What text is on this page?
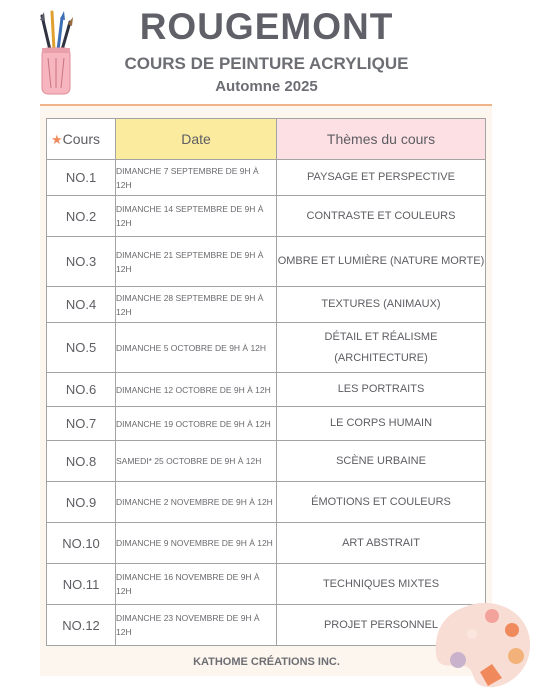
ROUGEMONT
COURS DE PEINTURE ACRYLIQUE
Automne 2025
★Cours	Date	Thèmes du cours
NO.1	DIMANCHE 7 SEPTEMBRE DE 9H À 12H	PAYSAGE ET PERSPECTIVE
NO.2	DIMANCHE 14 SEPTEMBRE DE 9H À 12H	CONTRASTE ET COULEURS
NO.3	DIMANCHE 21 SEPTEMBRE DE 9H À 12H	OMBRE ET LUMIÈRE (NATURE MORTE)
NO.4	DIMANCHE 28 SEPTEMBRE DE 9H À 12H	TEXTURES (ANIMAUX)
NO.5	DIMANCHE 5 OCTOBRE DE 9H À 12H	DÉTAIL ET RÉALISME (ARCHITECTURE)
NO.6	DIMANCHE 12 OCTOBRE DE 9H À 12H	LES PORTRAITS
NO.7	DIMANCHE 19 OCTOBRE DE 9H À 12H	LE CORPS HUMAIN
NO.8	SAMEDI* 25 OCTOBRE DE 9H À 12H	SCÈNE URBAINE
NO.9	DIMANCHE 2 NOVEMBRE DE 9H À 12H	ÉMOTIONS ET COULEURS
NO.10	DIMANCHE 9 NOVEMBRE DE 9H À 12H	ART ABSTRAIT
NO.11	DIMANCHE 16 NOVEMBRE DE 9H À 12H	TECHNIQUES MIXTES
NO.12	DIMANCHE 23 NOVEMBRE DE 9H À 12H	PROJET PERSONNEL
KATHOME CRÉATIONS INC.
